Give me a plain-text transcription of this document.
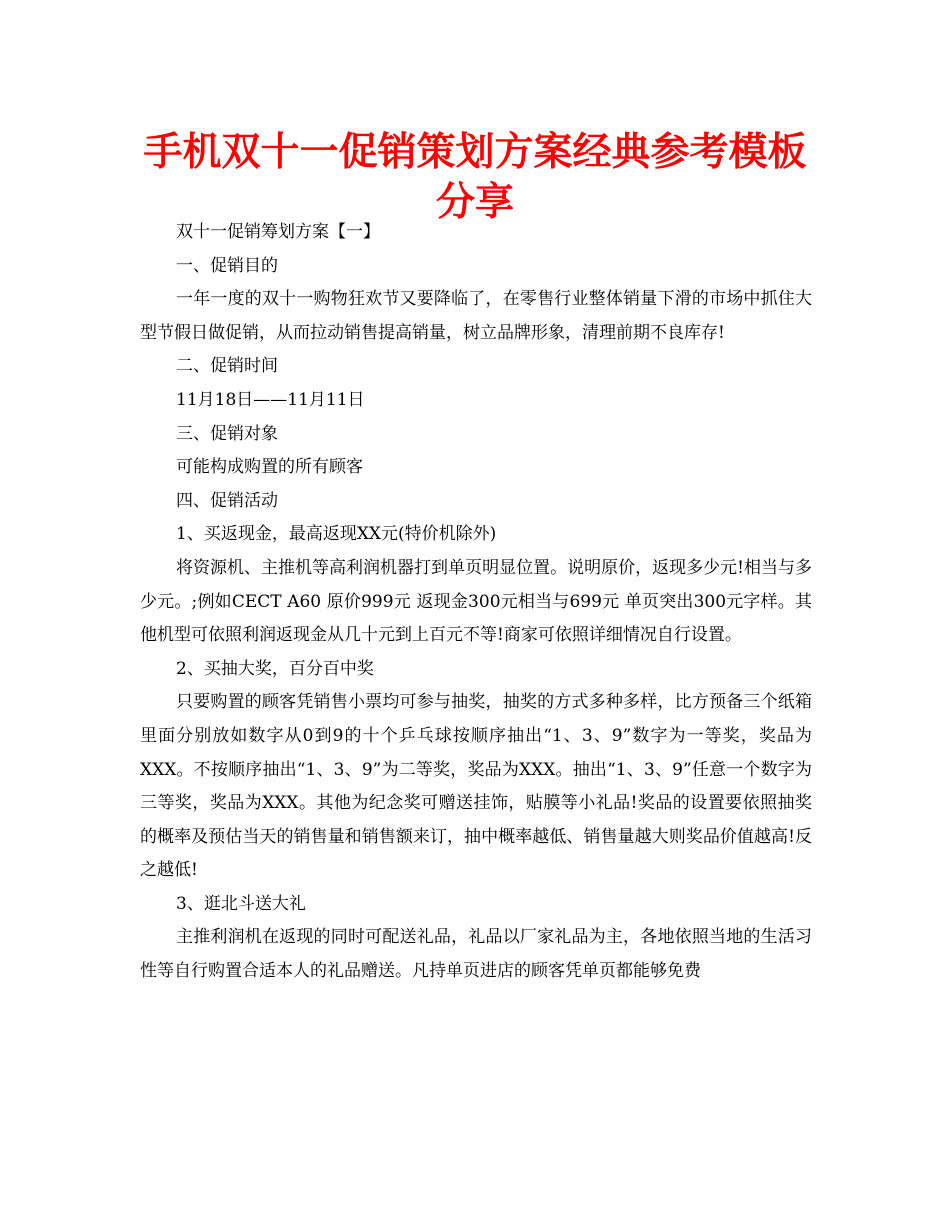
手机双十一促销策划方案经典参考模板分享

双十一促销筹划方案【一】

一、促销目的

一年一度的双十一购物狂欢节又要降临了，在零售行业整体销量下滑的市场中抓住大型节假日做促销，从而拉动销售提高销量，树立品牌形象，清理前期不良库存!

二、促销时间

11月18日——11月11日

三、促销对象

可能构成购置的所有顾客

四、促销活动

1、买返现金，最高返现XX元(特价机除外)

将资源机、主推机等高利润机器打到单页明显位置。说明原价，返现多少元!相当与多少元。;例如CECT A60 原价999元 返现金300元相当与699元 单页突出300元字样。其他机型可依照利润返现金从几十元到上百元不等!商家可依照详细情况自行设置。

2、买抽大奖，百分百中奖

只要购置的顾客凭销售小票均可参与抽奖，抽奖的方式多种多样，比方预备三个纸箱里面分别放如数字从0到9的十个乒乓球按顺序抽出“1、3、9”数字为一等奖，奖品为XXX。不按顺序抽出“1、3、9”为二等奖，奖品为XXX。抽出“1、3、9”任意一个数字为三等奖，奖品为XXX。其他为纪念奖可赠送挂饰，贴膜等小礼品!奖品的设置要依照抽奖的概率及预估当天的销售量和销售额来订，抽中概率越低、销售量越大则奖品价值越高!反之越低!

3、逛北斗送大礼

主推利润机在返现的同时可配送礼品，礼品以厂家礼品为主，各地依照当地的生活习性等自行购置合适本人的礼品赠送。凡持单页进店的顾客凭单页都能够免费
